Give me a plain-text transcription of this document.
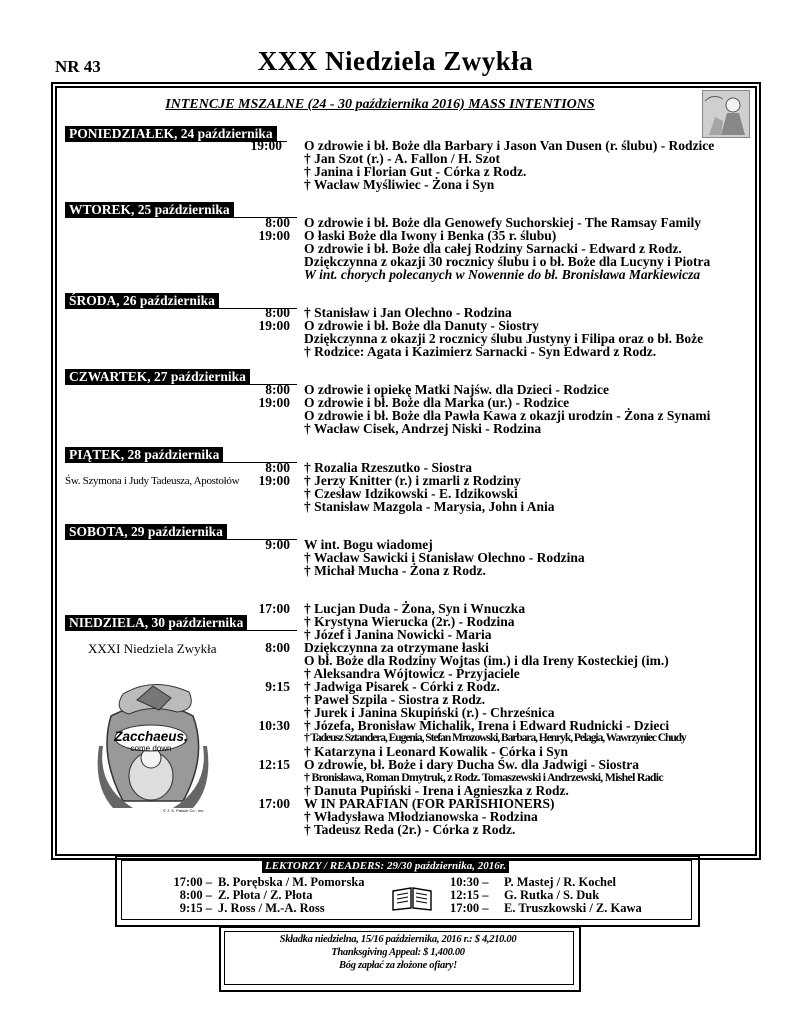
NR 43	XXX Niedziela Zwykła
INTENCJE MSZALNE (24 - 30 października 2016) MASS INTENTIONS
PONIEDZIAŁEK, 24 października
19:00 O zdrowie i bł. Boże dla Barbary i Jason Van Dusen (r. ślubu) - Rodzice
† Jan Szot (r.) - A. Fallon / H. Szot
† Janina i Florian Gut - Córka z Rodz.
† Wacław Myśliwiec - Żona i Syn
WTOREK, 25 października
8:00 O zdrowie i bł. Boże dla Genowefy Suchorskiej - The Ramsay Family
19:00 O łaski Boże dla Iwony i Benka (35 r. ślubu)
O zdrowie i bł. Boże dla całej Rodziny Sarnacki - Edward z Rodz.
Dziękczynna z okazji 30 rocznicy ślubu i o bł. Boże dla Lucyny i Piotra
W int. chorych polecanych w Nowennie do bł. Bronisława Markiewicza
ŚRODA, 26 października
8:00 † Stanisław i Jan Olechno - Rodzina
19:00 O zdrowie i bł. Boże dla Danuty - Siostry
Dziękczynna z okazji 2 rocznicy ślubu Justyny i Filipa oraz o bł. Boże
† Rodzice: Agata i Kazimierz Sarnacki - Syn Edward z Rodz.
CZWARTEK, 27 października
8:00 O zdrowie i opiekę Matki Najśw. dla Dzieci - Rodzice
19:00 O zdrowie i bł. Boże dla Marka (ur.) - Rodzice
O zdrowie i bł. Boże dla Pawła Kawa z okazji urodzin - Żona z Synami
† Wacław Cisek, Andrzej Niski - Rodzina
PIĄTEK, 28 października
Św. Szymona i Judy Tadeusza, Apostołów
8:00 † Rozalia Rzeszutko - Siostra
19:00 † Jerzy Knitter (r.) i zmarli z Rodziny
† Czesław Idzikowski - E. Idzikowski
† Stanisław Mazgola - Marysia, John i Ania
SOBOTA, 29 października
9:00 W int. Bogu wiadomej
† Wacław Sawicki i Stanisław Olechno - Rodzina
† Michał Mucha - Żona z Rodz.
NIEDZIELA, 30 października
XXXI Niedziela Zwykła
17:00 † Lucjan Duda - Żona, Syn i Wnuczka
† Krystyna Wierucka (2r.) - Rodzina
† Józef i Janina Nowicki - Maria
8:00 Dziękczynna za otrzymane łaski
O bł. Boże dla Rodziny Wojtas (im.) i dla Ireny Kosteckiej (im.)
† Aleksandra Wójtowicz - Przyjaciele
9:15 † Jadwiga Pisarek - Córki z Rodz.
† Paweł Szpila - Siostra z Rodz.
† Jurek i Janina Skupiński (r.) - Chrześnica
10:30 † Józefa, Bronisław Michalik, Irena i Edward Rudnicki - Dzieci
† Tadeusz Sztandera, Eugenia, Stefan Mrozowski, Barbara, Henryk, Pelagia, Wawrzyniec Chudy
† Katarzyna i Leonard Kowalik - Córka i Syn
12:15 O zdrowie, bł. Boże i dary Ducha Św. dla Jadwigi - Siostra
† Bronisława, Roman Dmytruk, z Rodz. Tomaszewski i Andrzewski, Mishel Radic
† Danuta Pupiński - Irena i Agnieszka z Rodz.
17:00 W IN PARAFIAN (FOR PARISHIONERS)
† Władysława Młodzianowska - Rodzina
† Tadeusz Reda (2r.) - Córka z Rodz.
Zacchaeus,
come down
© J. S. Paluch Co., Inc.
LEKTORZY / READERS: 29/30 października, 2016r.
17:00 – B. Porębska / M. Pomorska
8:00 – Z. Płota / Z. Płota
9:15 – J. Ross / M.-A. Ross
10:30 – P. Mastej / R. Kochel
12:15 – G. Rutka / S. Duk
17:00 – E. Truszkowski / Z. Kawa
Składka niedzielna, 15/16 października, 2016 r.: $ 4,210.00
Thanksgiving Appeal: $ 1,400.00
Bóg zapłać za złożone ofiary!
